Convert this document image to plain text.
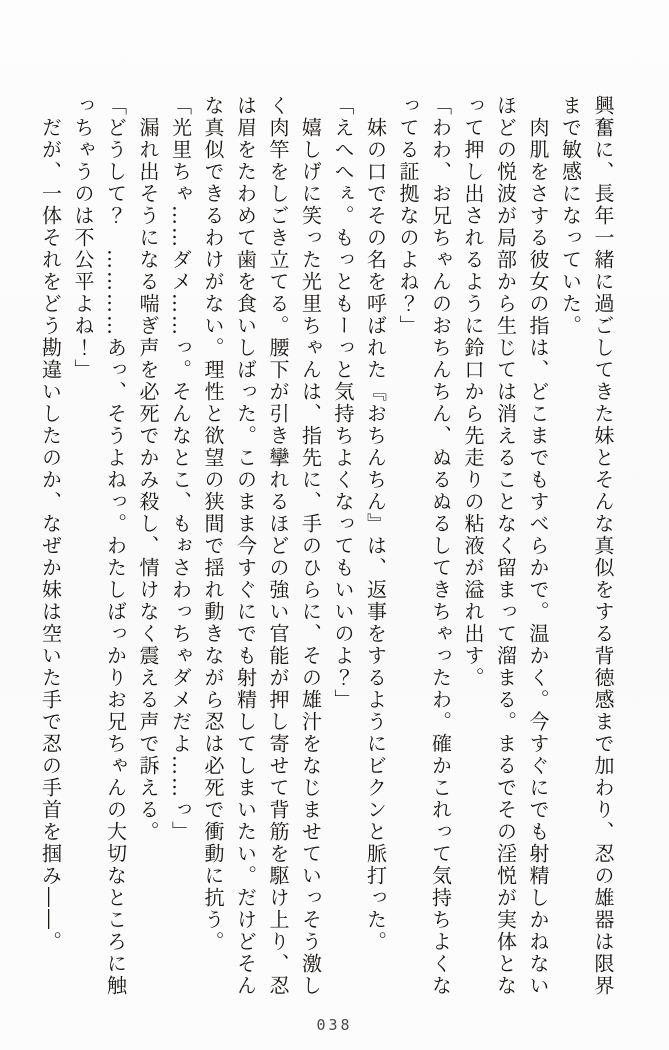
興奮に、長年一緒に過ごしてきた妹とそんな真似をする背徳感まで加わり、忍の雄器は限界まで敏感になっていた。

　肉肌をさする彼女の指は、どこまでもすべらかで。温かく。今すぐにでも射精しかねないほどの悦波が局部から生じては消えることなく留まって溜まる。まるでその淫悦が実体となって押し出されるように鈴口から先走りの粘液が溢れ出す。

「わわ、お兄ちゃんのおちんちん、ぬるぬるしてきちゃったわ。確かこれって気持ちよくなってる証拠なのよね？」

　妹の口でその名を呼ばれた『おちんちん』は、返事をするようにビクンと脈打った。

「えへへぇ。もっともーっと気持ちよくなってもいいのよ？」

　嬉しげに笑った光里ちゃんは、指先に、手のひらに、その雄汁をなじませていっそう激しく肉竿をしごき立てる。腰下が引き攣れるほどの強い官能が押し寄せて背筋を駆け上り、忍は眉をたわめて歯を食いしばった。このまま今すぐにでも射精してしまいたい。だけどそんな真似できるわけがない。理性と欲望の狭間で揺れ動きながら忍は必死で衝動に抗う。

「光里ちゃ……ダメ……っ。そんなとこ、もぉさわっちゃダメだよ……っ」

　漏れ出そうになる喘ぎ声を必死でかみ殺し、情けなく震える声で訴える。

「どうして？　…………あっ、そうよねっ。わたしばっかりお兄ちゃんの大切なところに触っちゃうのは不公平よね！」

　だが、一体それをどう勘違いしたのか、なぜか妹は空いた手で忍の手首を掴み――。

038
